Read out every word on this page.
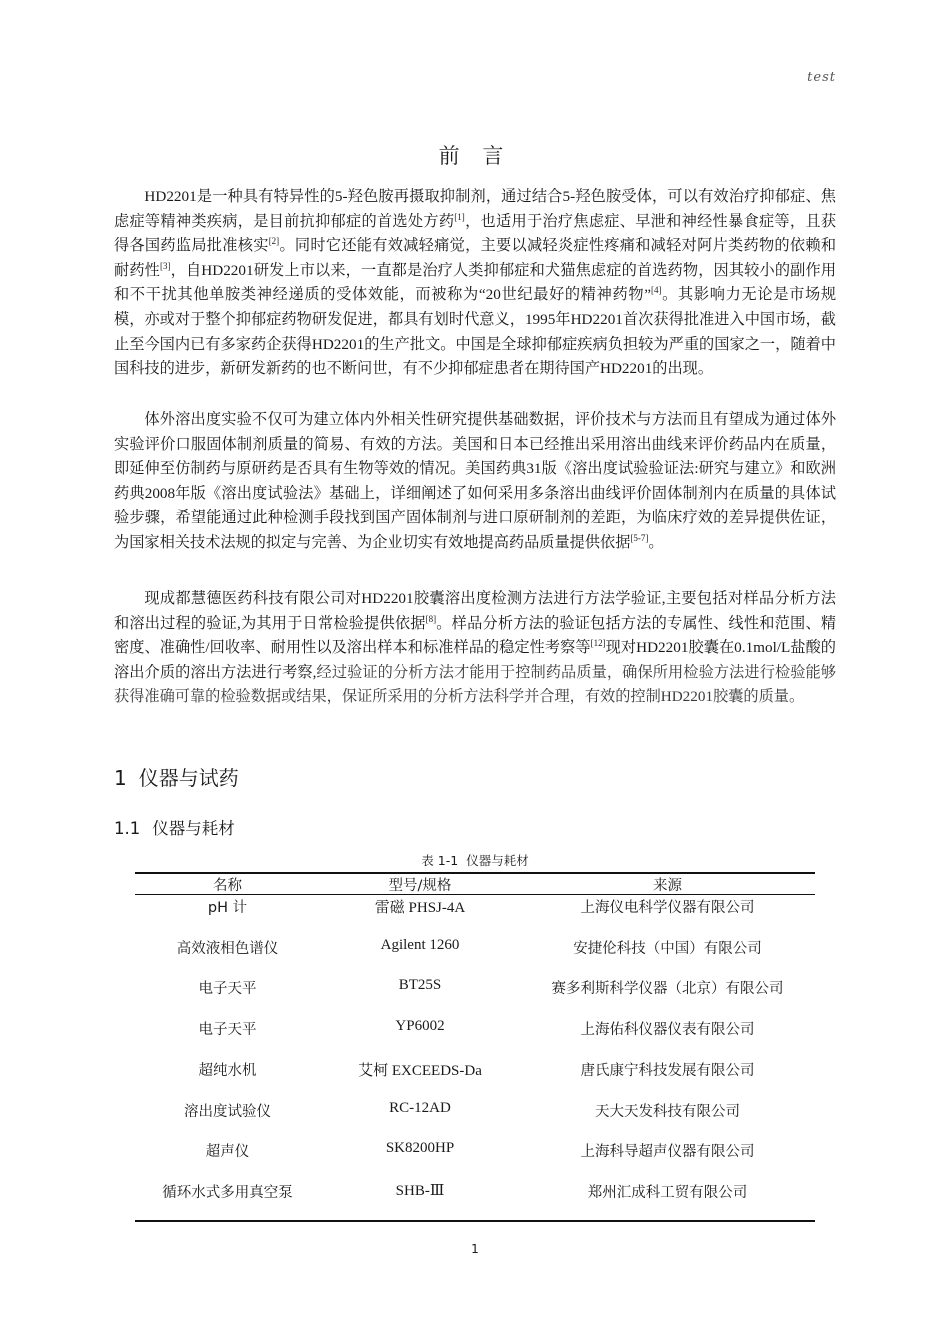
test
前 言

HD2201是一种具有特异性的5-羟色胺再摄取抑制剂，通过结合5-羟色胺受体，可以有效治疗抑郁症、焦虑症等精神类疾病，是目前抗抑郁症的首选处方药[1]，也适用于治疗焦虑症、早泄和神经性暴食症等，且获得各国药监局批准核实[2]。同时它还能有效减轻痛觉，主要以减轻炎症性疼痛和减轻对阿片类药物的依赖和耐药性[3]，自HD2201研发上市以来，一直都是治疗人类抑郁症和犬猫焦虑症的首选药物，因其较小的副作用和不干扰其他单胺类神经递质的受体效能，而被称为“20世纪最好的精神药物”[4]。其影响力无论是市场规模，亦或对于整个抑郁症药物研发促进，都具有划时代意义，1995年HD2201首次获得批准进入中国市场，截止至今国内已有多家药企获得HD2201的生产批文。中国是全球抑郁症疾病负担较为严重的国家之一，随着中国科技的进步，新研发新药的也不断问世，有不少抑郁症患者在期待国产HD2201的出现。

体外溶出度实验不仅可为建立体内外相关性研究提供基础数据，评价技术与方法而且有望成为通过体外实验评价口服固体制剂质量的简易、有效的方法。美国和日本已经推出采用溶出曲线来评价药品内在质量，即延伸至仿制药与原研药是否具有生物等效的情况。美国药典31版《溶出度试验验证法:研究与建立》和欧洲药典2008年版《溶出度试验法》基础上，详细阐述了如何采用多条溶出曲线评价固体制剂内在质量的具体试验步骤，希望能通过此种检测手段找到国产固体制剂与进口原研制剂的差距，为临床疗效的差异提供佐证，为国家相关技术法规的拟定与完善、为企业切实有效地提高药品质量提供依据[5-7]。

现成都慧德医药科技有限公司对HD2201胶囊溶出度检测方法进行方法学验证,主要包括对样品分析方法和溶出过程的验证,为其用于日常检验提供依据[8]。样品分析方法的验证包括方法的专属性、线性和范围、精密度、准确性/回收率、耐用性以及溶出样本和标准样品的稳定性考察等[12]现对HD2201胶囊在0.1mol/L盐酸的溶出介质的溶出方法进行考察,经过验证的分析方法才能用于控制药品质量，确保所用检验方法进行检验能够获得准确可靠的检验数据或结果，保证所采用的分析方法科学并合理，有效的控制HD2201胶囊的质量。

1 仪器与试药
1.1 仪器与耗材
表 1-1 仪器与耗材
名称	型号/规格	来源
pH 计	雷磁 PHSJ-4A	上海仪电科学仪器有限公司
高效液相色谱仪	Agilent 1260	安捷伦科技（中国）有限公司
电子天平	BT25S	赛多利斯科学仪器（北京）有限公司
电子天平	YP6002	上海佑科仪器仪表有限公司
超纯水机	艾柯 EXCEEDS-Da	唐氏康宁科技发展有限公司
溶出度试验仪	RC-12AD	天大天发科技有限公司
超声仪	SK8200HP	上海科导超声仪器有限公司
循环水式多用真空泵	SHB-Ⅲ	郑州汇成科工贸有限公司
1
